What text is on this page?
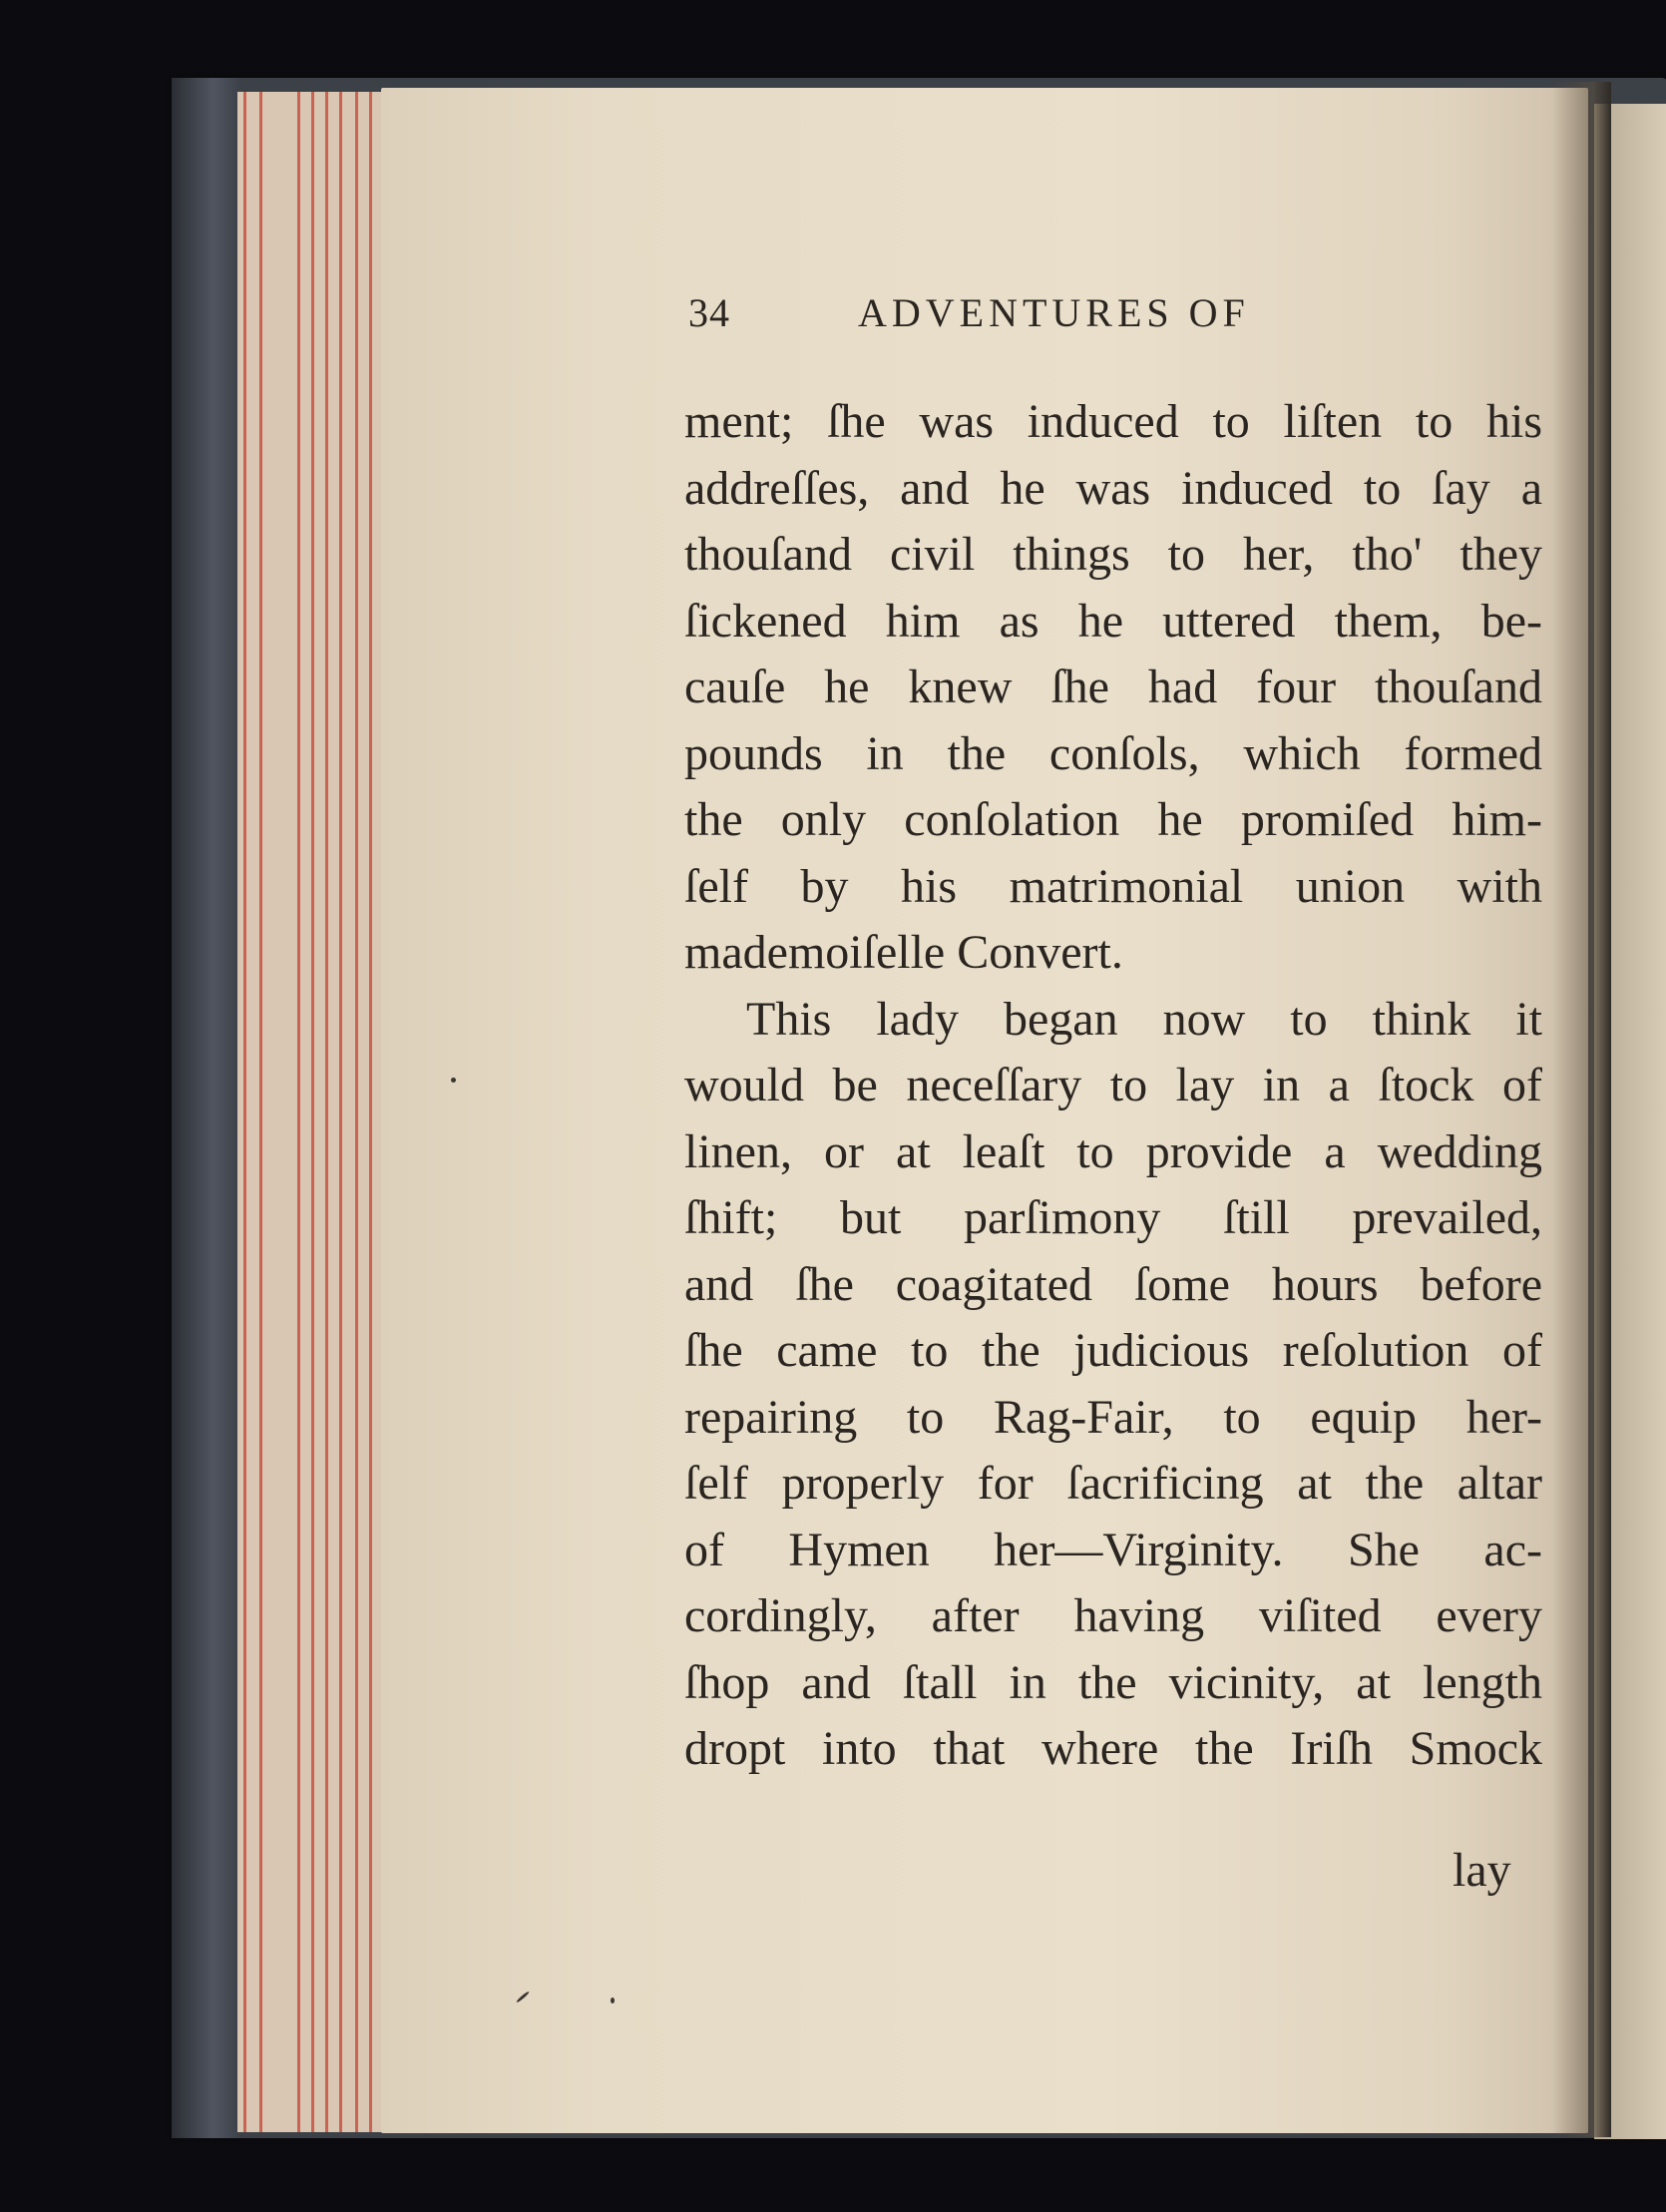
34	ADVENTURES OF
ment; ſhe was induced to liſten to his
addreſſes, and he was induced to ſay a
thouſand civil things to her, tho' they
ſickened him as he uttered them, be-
cauſe he knew ſhe had four thouſand
pounds in the conſols, which formed
the only conſolation he promiſed him-
ſelf by his matrimonial union with
mademoiſelle Convert.
This lady began now to think it
would be neceſſary to lay in a ſtock of
linen, or at leaſt to provide a wedding
ſhift; but parſimony ſtill prevailed,
and ſhe coagitated ſome hours before
ſhe came to the judicious reſolution of
repairing to Rag-Fair, to equip her-
ſelf properly for ſacrificing at the altar
of Hymen her—Virginity. She ac-
cordingly, after having viſited every
ſhop and ſtall in the vicinity, at length
dropt into that where the Iriſh Smock
lay
